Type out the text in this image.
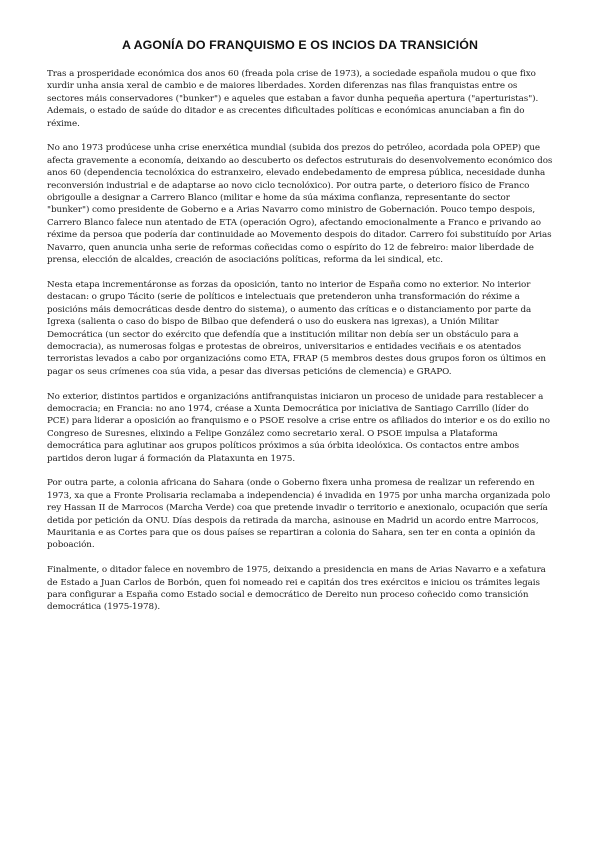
A AGONÍA DO FRANQUISMO E OS INCIOS DA TRANSICIÓN

Tras a prosperidade económica dos anos 60 (freada pola crise de 1973), a sociedade española mudou o que fixo xurdir unha ansia xeral de cambio e de maiores liberdades. Xorden diferenzas nas filas franquistas entre os sectores máis conservadores ("bunker") e aqueles que estaban a favor dunha pequeña apertura ("aperturistas"). Ademais, o estado de saúde do ditador e as crecentes dificultades políticas e económicas anunciaban a fin do réxime.

No ano 1973 prodúcese unha crise enerxética mundial (subida dos prezos do petróleo, acordada pola OPEP) que afecta gravemente a economía, deixando ao descuberto os defectos estruturais do desenvolvemento económico dos anos 60 (dependencia tecnolóxica do estranxeiro, elevado endebedamento de empresa pública, necesidade dunha reconversión industrial e de adaptarse ao novo ciclo tecnolóxico). Por outra parte, o deterioro físico de Franco obrigoulle a designar a Carrero Blanco (militar e home da súa máxima confianza, representante do sector "bunker") como presidente de Goberno e a Arias Navarro como ministro de Gobernación. Pouco tempo despois, Carrero Blanco falece nun atentado de ETA (operación Ogro), afectando emocionalmente a Franco e privando ao réxime da persoa que podería dar continuidade ao Movemento despois do ditador. Carrero foi substituído por Arias Navarro, quen anuncia unha serie de reformas coñecidas como o espírito do 12 de febreiro: maior liberdade de prensa, elección de alcaldes, creación de asociacións políticas, reforma da lei sindical, etc.

Nesta etapa incrementáronse as forzas da oposición, tanto no interior de España como no exterior. No interior destacan: o grupo Tácito (serie de políticos e intelectuais que pretenderon unha transformación do réxime a posicións máis democráticas desde dentro do sistema), o aumento das críticas e o distanciamento por parte da Igrexa (salienta o caso do bispo de Bilbao que defenderá o uso do euskera nas igrexas), a Unión Militar Democrática (un sector do exército que defendía que a institución militar non debía ser un obstáculo para a democracia), as numerosas folgas e protestas de obreiros, universitarios e entidades veciñais e os atentados terroristas levados a cabo por organizacións como ETA, FRAP (5 membros destes dous grupos foron os últimos en pagar os seus crímenes coa súa vida, a pesar das diversas peticións de clemencia) e GRAPO.

No exterior, distintos partidos e organizacións antifranquistas iniciaron un proceso de unidade para restablecer a democracia; en Francia: no ano 1974, créase a Xunta Democrática por iniciativa de Santiago Carrillo (líder do PCE) para liderar a oposición ao franquismo e o PSOE resolve a crise entre os afiliados do interior e os do exilio no Congreso de Suresnes, elixindo a Felipe González como secretario xeral. O PSOE impulsa a Plataforma democrática para aglutinar aos grupos políticos próximos a súa órbita ideolóxica. Os contactos entre ambos partidos deron lugar á formación da Plataxunta en 1975.

Por outra parte, a colonia africana do Sahara (onde o Goberno fixera unha promesa de realizar un referendo en 1973, xa que a Fronte Prolisaria reclamaba a independencia) é invadida en 1975 por unha marcha organizada polo rey Hassan II de Marrocos (Marcha Verde) coa que pretende invadir o territorio e anexionalo, ocupación que sería detida por petición da ONU. Días despois da retirada da marcha, asinouse en Madrid un acordo entre Marrocos, Mauritania e as Cortes para que os dous países se repartiran a colonia do Sahara, sen ter en conta a opinión da poboación.

Finalmente, o ditador falece en novembro de 1975, deixando a presidencia en mans de Arias Navarro e a xefatura de Estado a Juan Carlos de Borbón, quen foi nomeado rei e capitán dos tres exércitos e iniciou os trámites legais para configurar a España como Estado social e democrático de Dereito nun proceso coñecido como transición democrática (1975-1978).
